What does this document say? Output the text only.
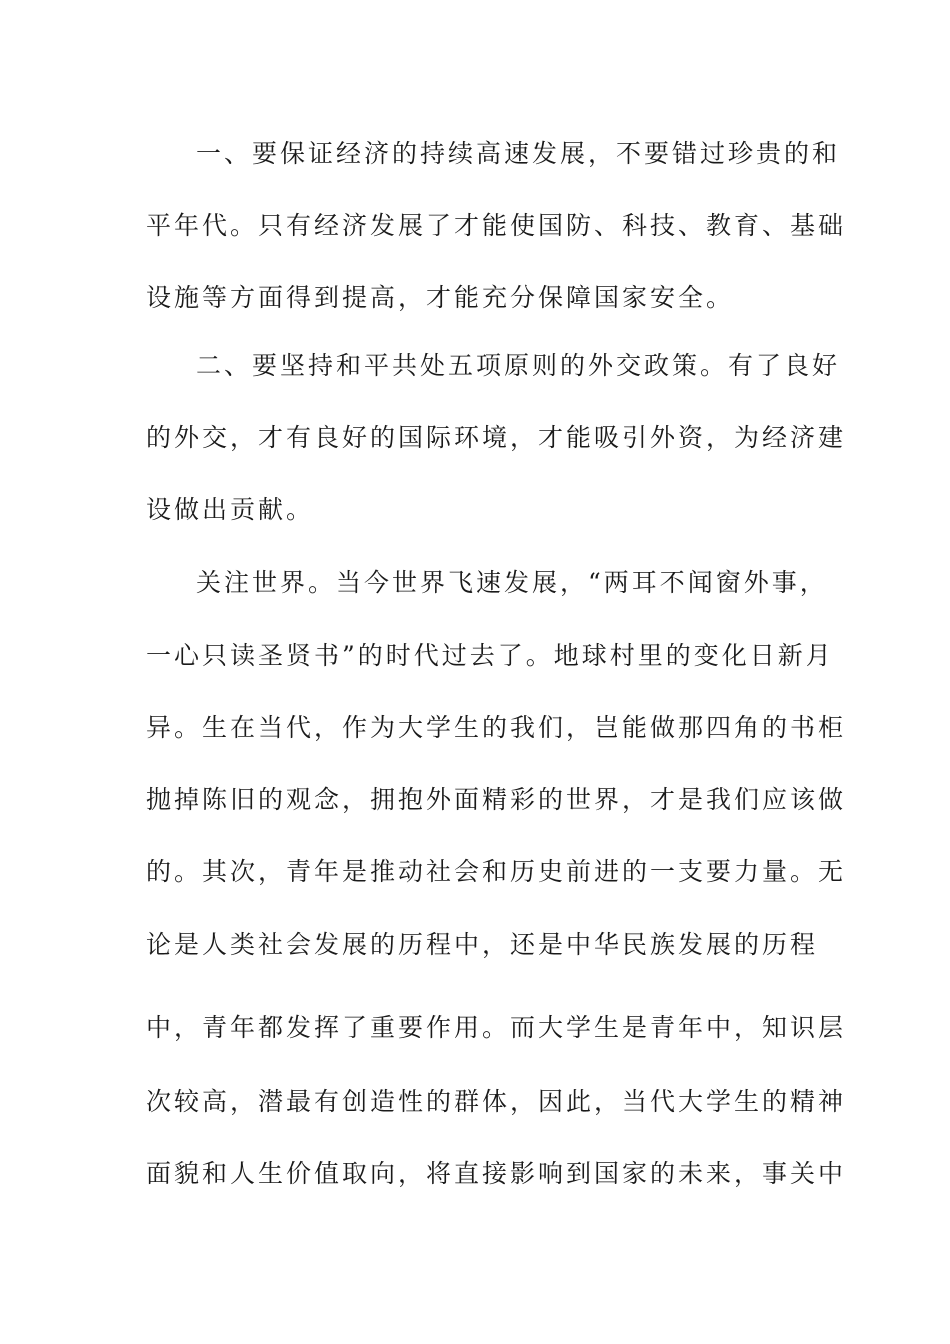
一、要保证经济的持续高速发展，不要错过珍贵的和
平年代。只有经济发展了才能使国防、科技、教育、基础
设施等方面得到提高，才能充分保障国家安全。
二、要坚持和平共处五项原则的外交政策。有了良好
的外交，才有良好的国际环境，才能吸引外资，为经济建
设做出贡献。
关注世界。当今世界飞速发展，“两耳不闻窗外事，
一心只读圣贤书”的时代过去了。地球村里的变化日新月
异。生在当代，作为大学生的我们，岂能做那四角的书柜
抛掉陈旧的观念，拥抱外面精彩的世界，才是我们应该做
的。其次，青年是推动社会和历史前进的一支要力量。无
论是人类社会发展的历程中，还是中华民族发展的历程
中，青年都发挥了重要作用。而大学生是青年中，知识层
次较高，潜最有创造性的群体，因此，当代大学生的精神
面貌和人生价值取向，将直接影响到国家的未来，事关中
